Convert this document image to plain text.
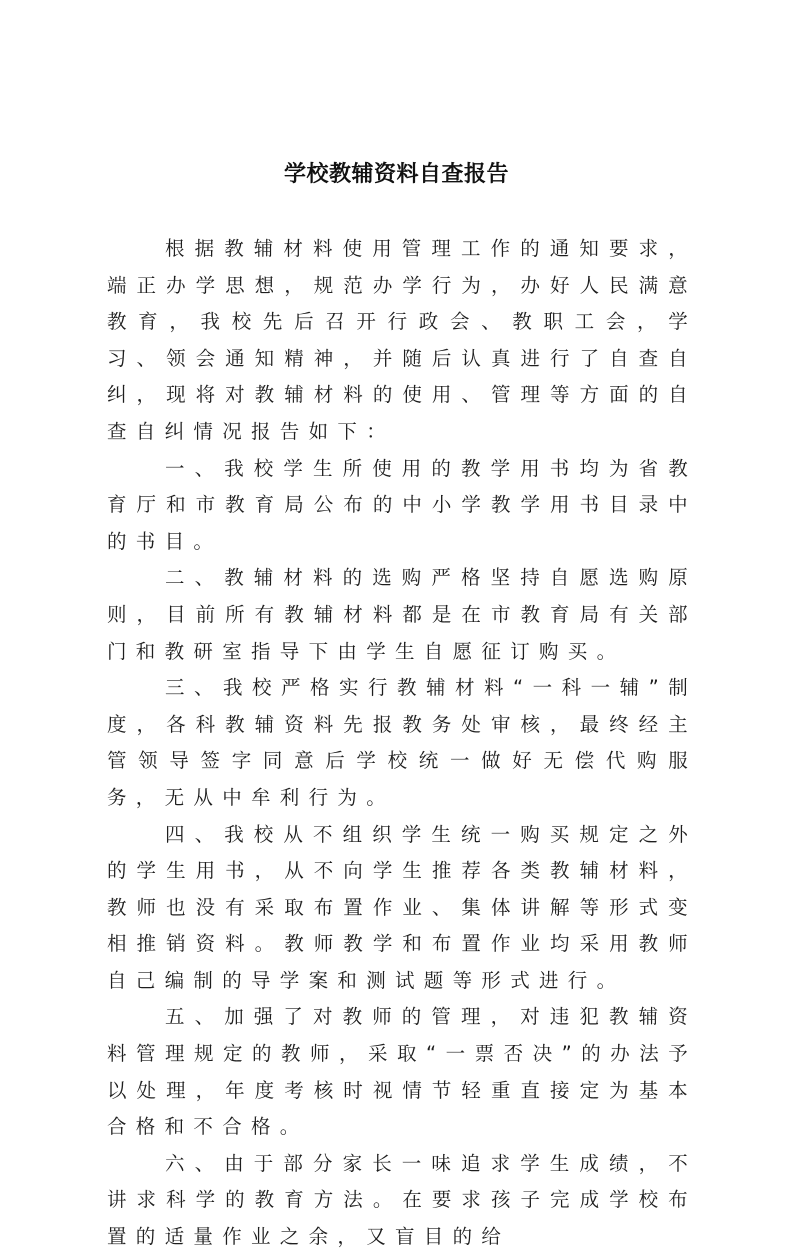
学校教辅资料自查报告

根据教辅材料使用管理工作的通知要求，端正办学思想，规范办学行为，办好人民满意教育，我校先后召开行政会、教职工会，学习、领会通知精神，并随后认真进行了自查自纠，现将对教辅材料的使用、管理等方面的自查自纠情况报告如下：

一、我校学生所使用的教学用书均为省教育厅和市教育局公布的中小学教学用书目录中的书目。

二、教辅材料的选购严格坚持自愿选购原则，目前所有教辅材料都是在市教育局有关部门和教研室指导下由学生自愿征订购买。

三、我校严格实行教辅材料“一科一辅”制度，各科教辅资料先报教务处审核，最终经主管领导签字同意后学校统一做好无偿代购服务，无从中牟利行为。

四、我校从不组织学生统一购买规定之外的学生用书，从不向学生推荐各类教辅材料，教师也没有采取布置作业、集体讲解等形式变相推销资料。教师教学和布置作业均采用教师自己编制的导学案和测试题等形式进行。

五、加强了对教师的管理，对违犯教辅资料管理规定的教师，采取“一票否决”的办法予以处理，年度考核时视情节轻重直接定为基本合格和不合格。

六、由于部分家长一味追求学生成绩，不讲求科学的教育方法。在要求孩子完成学校布置的适量作业之余，又盲目的给
